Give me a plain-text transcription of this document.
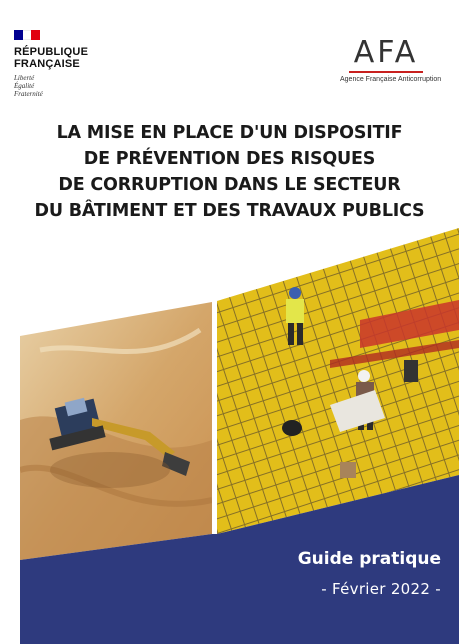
RÉPUBLIQUE
FRANÇAISE
Liberté
Égalité
Fraternité
AFA
Agence Française Anticorruption
LA MISE EN PLACE D'UN DISPOSITIF
DE PRÉVENTION DES RISQUES
DE CORRUPTION DANS LE SECTEUR
DU BÂTIMENT ET DES TRAVAUX PUBLICS
Guide pratique
- Février 2022 -
